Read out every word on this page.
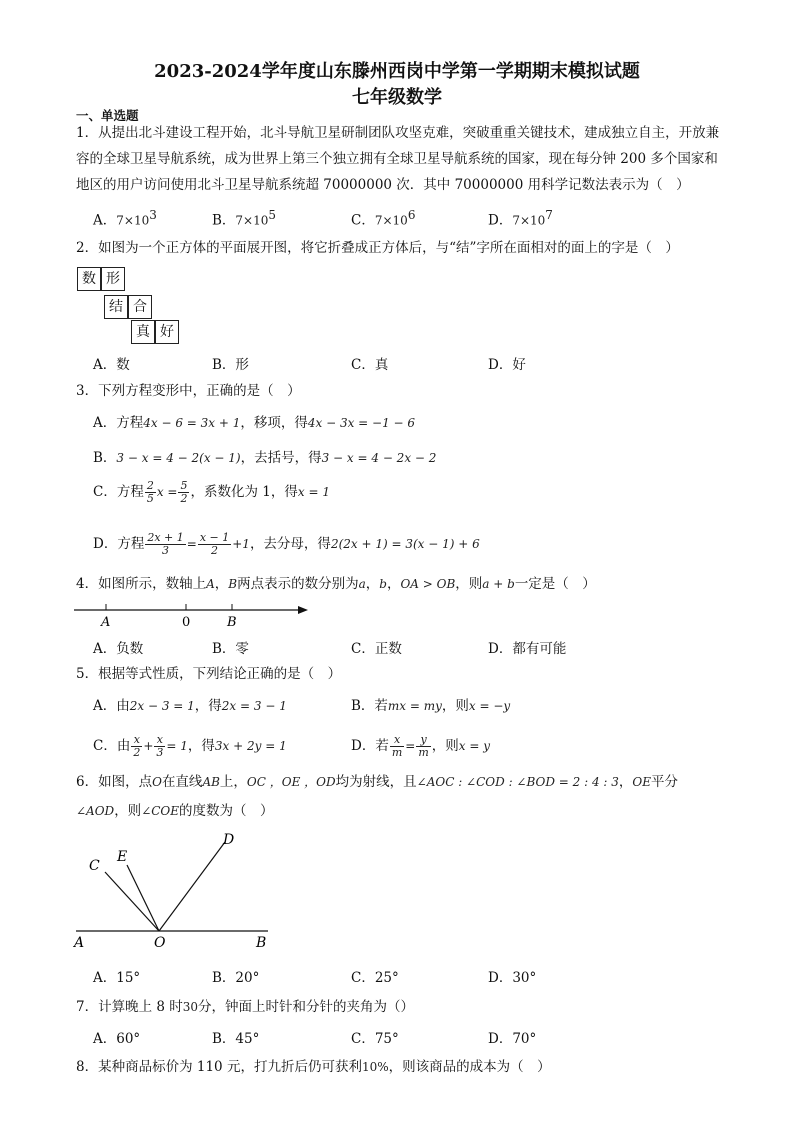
2023-2024学年度山东滕州西岗中学第一学期期末模拟试题
七年级数学
一、单选题
1．从提出北斗建设工程开始，北斗导航卫星研制团队攻坚克难，突破重重关键技术，建成独立自主，开放兼容的全球卫星导航系统，成为世界上第三个独立拥有全球卫星导航系统的国家，现在每分钟 200 多个国家和地区的用户访问使用北斗卫星导航系统超 70000000 次．其中 70000000 用科学记数法表示为（　）
A．$7\times 10^3$	B．$7\times 10^5$	C．$7\times 10^6$	D．$7\times 10^7$
2．如图为一个正方体的平面展开图，将它折叠成正方体后，与“结”字所在面相对的面上的字是（　）
数 形
结 合
真 好
A．数	B．形	C．真	D．好
3．下列方程变形中，正确的是（　）
A．方程4x − 6 = 3x + 1，移项，得4x − 3x = −1 − 6
B．3 − x = 4 − 2(x − 1)，去括号，得3 − x = 4 − 2x − 2
C．方程 $\frac{2}{5}$ $x = \frac{5}{2}$ ，系数化为 1，得x = 1
D．方程 $\frac{2x + 1}{3} = \frac{x - 1}{2} +1$，去分母，得2(2x + 1) = 3(x − 1) + 6
4．如图所示，数轴上A，B两点表示的数分别为a，b，OA > OB，则a + b一定是（　）
A	0	B
A．负数	B．零	C．正数	D．都有可能
5．根据等式性质，下列结论正确的是（　）
A．由2x − 3 = 1，得2x = 3 − 1	B．若mx = my，则x = −y
C．由 $\frac{x}{2} + \frac{x}{3} = 1$，得3x + 2y = 1	D．若 $\frac{x}{m} = \frac{y}{m}$ ，则x = y
6．如图，点O在直线AB上，OC ，OE ，OD均为射线，且∠AOC : ∠COD : ∠BOD = 2 : 4 : 3，OE平分
∠AOD，则∠COE的度数为（　）
C
E
D
A	O	B
A．15°	B．20°	C．25°	D．30°
7．计算晚上 8 时30分，钟面上时针和分针的夹角为（）
A．60°	B．45°	C．75°	D．70°
8．某种商品标价为 110 元，打九折后仍可获利10%，则该商品的成本为（　）
